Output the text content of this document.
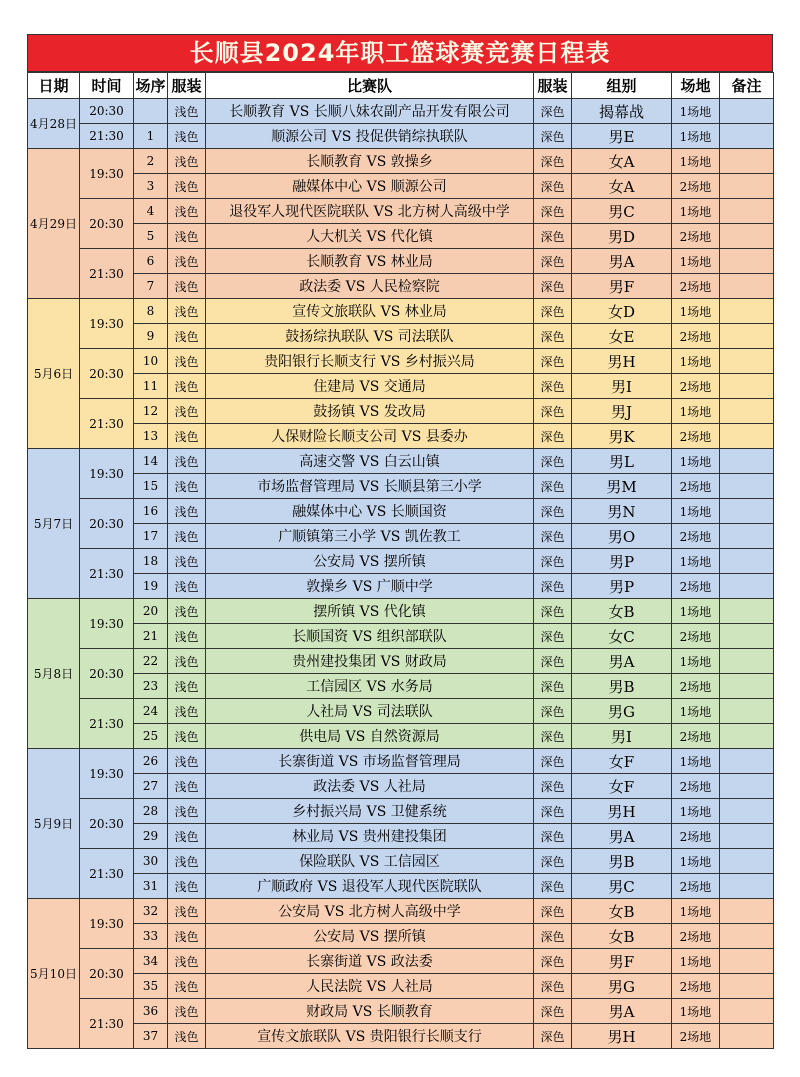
长顺县2024年职工篮球赛竞赛日程表
日期	时间	场序	服装	比赛队	服装	组别	场地	备注
4月28日	20:30		浅色	长顺教育 VS 长顺八妹农副产品开发有限公司	深色	揭幕战	1场地	
	21:30	1	浅色	顺源公司 VS 投促供销综执联队	深色	男E	1场地	
4月29日	19:30	2	浅色	长顺教育 VS 敦操乡	深色	女A	1场地	
		3	浅色	融媒体中心 VS 顺源公司	深色	女A	2场地	
	20:30	4	浅色	退役军人现代医院联队 VS 北方树人高级中学	深色	男C	1场地	
		5	浅色	人大机关 VS 代化镇	深色	男D	2场地	
	21:30	6	浅色	长顺教育 VS 林业局	深色	男A	1场地	
		7	浅色	政法委 VS 人民检察院	深色	男F	2场地	
5月6日	19:30	8	浅色	宣传文旅联队 VS 林业局	深色	女D	1场地	
		9	浅色	鼓扬综执联队 VS 司法联队	深色	女E	2场地	
	20:30	10	浅色	贵阳银行长顺支行 VS 乡村振兴局	深色	男H	1场地	
		11	浅色	住建局 VS 交通局	深色	男I	2场地	
	21:30	12	浅色	鼓扬镇 VS 发改局	深色	男J	1场地	
		13	浅色	人保财险长顺支公司 VS 县委办	深色	男K	2场地	
5月7日	19:30	14	浅色	高速交警 VS 白云山镇	深色	男L	1场地	
		15	浅色	市场监督管理局 VS 长顺县第三小学	深色	男M	2场地	
	20:30	16	浅色	融媒体中心 VS 长顺国资	深色	男N	1场地	
		17	浅色	广顺镇第三小学 VS 凯佐教工	深色	男O	2场地	
	21:30	18	浅色	公安局 VS 摆所镇	深色	男P	1场地	
		19	浅色	敦操乡 VS 广顺中学	深色	男P	2场地	
5月8日	19:30	20	浅色	摆所镇 VS 代化镇	深色	女B	1场地	
		21	浅色	长顺国资 VS 组织部联队	深色	女C	2场地	
	20:30	22	浅色	贵州建投集团 VS 财政局	深色	男A	1场地	
		23	浅色	工信园区 VS 水务局	深色	男B	2场地	
	21:30	24	浅色	人社局 VS 司法联队	深色	男G	1场地	
		25	浅色	供电局 VS 自然资源局	深色	男I	2场地	
5月9日	19:30	26	浅色	长寨街道 VS 市场监督管理局	深色	女F	1场地	
		27	浅色	政法委 VS 人社局	深色	女F	2场地	
	20:30	28	浅色	乡村振兴局 VS 卫健系统	深色	男H	1场地	
		29	浅色	林业局 VS 贵州建投集团	深色	男A	2场地	
	21:30	30	浅色	保险联队 VS 工信园区	深色	男B	1场地	
		31	浅色	广顺政府 VS 退役军人现代医院联队	深色	男C	2场地	
5月10日	19:30	32	浅色	公安局 VS 北方树人高级中学	深色	女B	1场地	
		33	浅色	公安局 VS 摆所镇	深色	女B	2场地	
	20:30	34	浅色	长寨街道 VS 政法委	深色	男F	1场地	
		35	浅色	人民法院 VS 人社局	深色	男G	2场地	
	21:30	36	浅色	财政局 VS 长顺教育	深色	男A	1场地	
		37	浅色	宣传文旅联队 VS 贵阳银行长顺支行	深色	男H	2场地	
